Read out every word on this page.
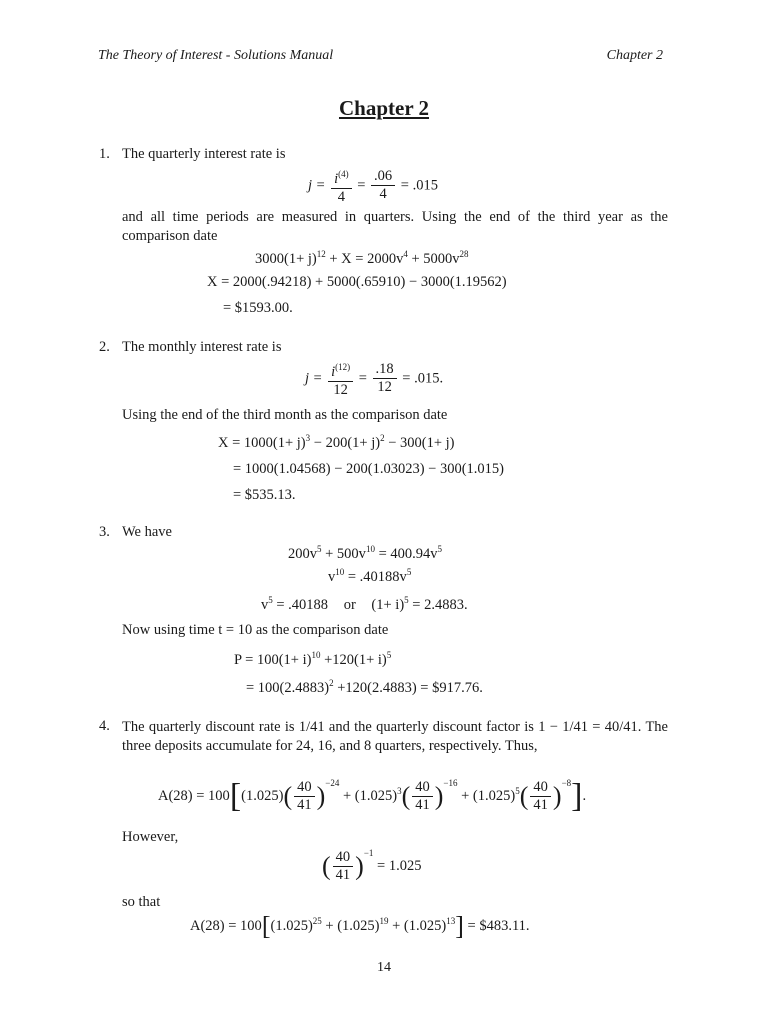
The Theory of Interest - Solutions Manual	Chapter 2
Chapter 2
1. The quarterly interest rate is
$j = \frac{i^{(4)}}{4} = \frac{.06}{4} = .015$
and all time periods are measured in quarters. Using the end of the third year as the comparison date
$3000(1+ j)^{12} + X = 2000v^4 + 5000v^{28}$
X = 2000(.94218) + 5000(.65910) − 3000(1.19562)
= $1593.00.
2. The monthly interest rate is
$j = \frac{i^{(12)}}{12} = \frac{.18}{12} = .015$.
Using the end of the third month as the comparison date
$X = 1000(1+ j)^3 - 200(1+ j)^2 - 300(1+ j)$
= 1000(1.04568) − 200(1.03023) − 300(1.015)
= $535.13.
3. We have
$200v^5 + 500v^{10} = 400.94v^5$
$v^{10} = .40188v^5$
$v^5 = .40188$ or $(1+ i)^5 = 2.4883$.
Now using time t = 10 as the comparison date
$P = 100(1+ i)^{10} +120(1+ i)^5$
= $100(2.4883)^2 +120(2.4883)$ = $917.76.
4. The quarterly discount rate is 1/41 and the quarterly discount factor is 1 − 1/41 = 40/41. The three deposits accumulate for 24, 16, and 8 quarters, respectively. Thus,
$A(28) = 100[(1.025)( \frac{40}{41} )^{-24} + (1.025)^3( \frac{40}{41} )^{-16} + (1.025)^5( \frac{40}{41} )^{-8}]$.
However,
( $\frac{40}{41} )^{-1} = 1.025$
so that
$A(28) = 100[(1.025)^{25} + (1.025)^{19} + (1.025)^{13}]$ = $483.11.
14
